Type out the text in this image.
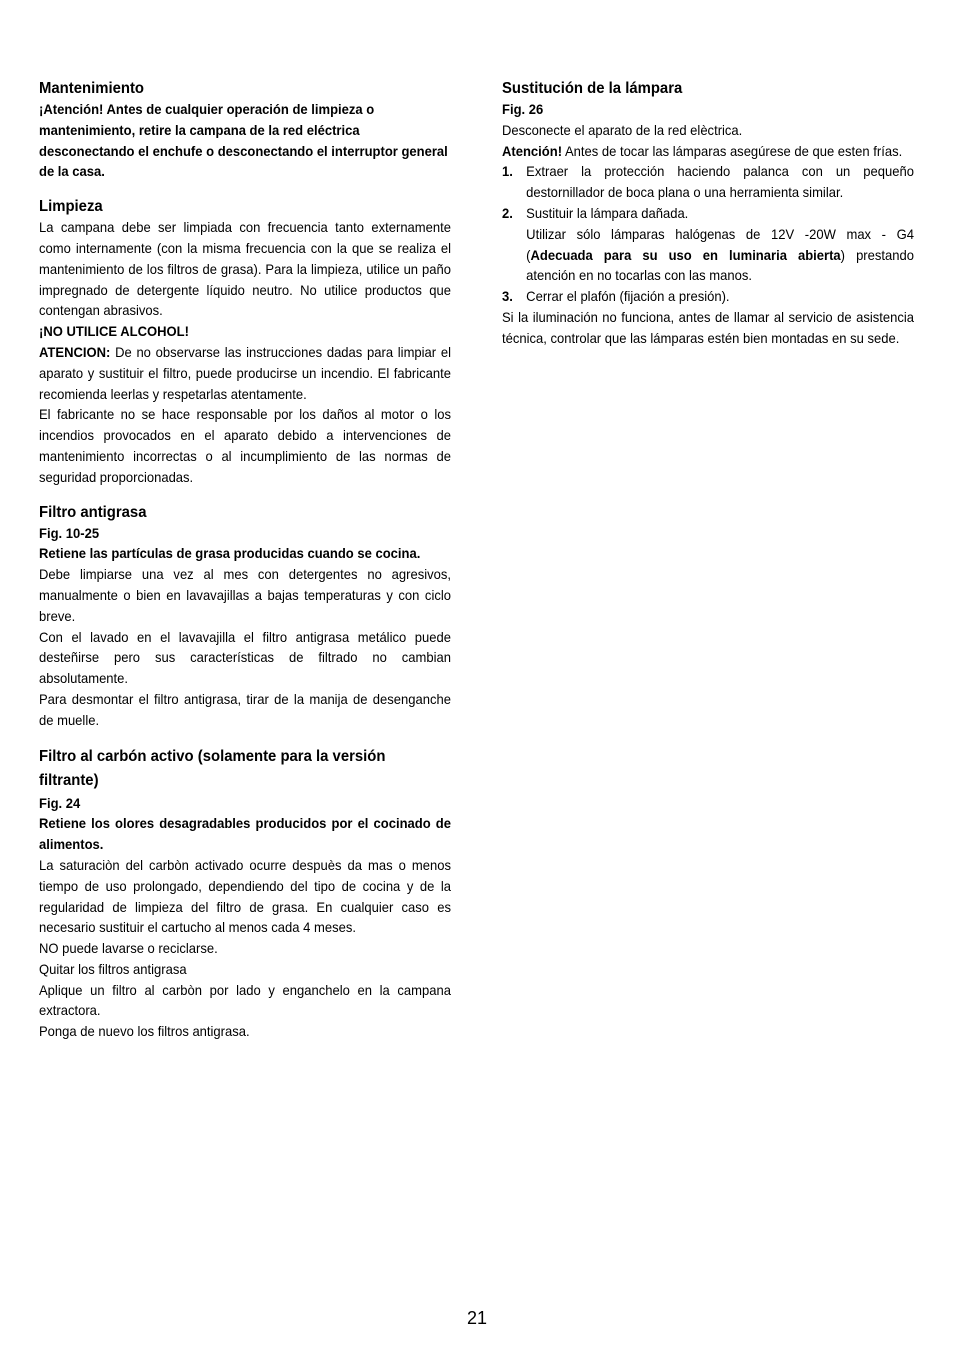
Mantenimiento

¡Atención! Antes de cualquier operación de limpieza o mantenimiento, retire la campana de la red eléctrica desconectando el enchufe o desconectando el interruptor general de la casa.

Limpieza

La campana debe ser limpiada con frecuencia tanto externamente como internamente (con la misma frecuencia con la que se realiza el mantenimiento de los filtros de grasa). Para la limpieza, utilice un paño impregnado de detergente líquido neutro. No utilice productos que contengan abrasivos.

¡NO UTILICE ALCOHOL!

ATENCION: De no observarse las instrucciones dadas para limpiar el aparato y sustituir el filtro, puede producirse un incendio. El fabricante recomienda leerlas y respetarlas atentamente.

El fabricante no se hace responsable por los daños al motor o los incendios provocados en el aparato debido a intervenciones de mantenimiento incorrectas o al incumplimiento de las normas de seguridad proporcionadas.

Filtro antigrasa

Fig. 10-25

Retiene las partículas de grasa producidas cuando se cocina.

Debe limpiarse una vez al mes con detergentes no agresivos, manualmente o bien en lavavajillas a bajas temperaturas y con ciclo breve.

Con el lavado en el lavavajilla el filtro antigrasa metálico puede desteñirse pero sus características de filtrado no cambian absolutamente.

Para desmontar el filtro antigrasa, tirar de la manija de desenganche de muelle.

Filtro al carbón activo (solamente para la versión filtrante)

Fig. 24

Retiene los olores desagradables producidos por el cocinado de alimentos.

La saturaciòn del carbòn activado ocurre despuès da mas o menos tiempo de uso prolongado, dependiendo del tipo de cocina y de la regularidad de limpieza del filtro de grasa. En cualquier caso es necesario sustituir el cartucho al menos cada 4 meses.

NO puede lavarse o reciclarse.

Quitar los filtros antigrasa

Aplique un filtro al carbòn por lado y enganchelo en la campana extractora.

Ponga de nuevo los filtros antigrasa.

Sustitución de la lámpara

Fig. 26

Desconecte el aparato de la red elèctrica.

Atención! Antes de tocar las lámparas asegúrese de que esten frías.

1. Extraer la protección haciendo palanca con un pequeño destornillador de boca plana o una herramienta similar.
2. Sustituir la lámpara dañada.
Utilizar sólo lámparas halógenas de 12V -20W max - G4 (Adecuada para su uso en luminaria abierta) prestando atención en no tocarlas con las manos.
3. Cerrar el plafón (fijación a presión).

Si la iluminación no funciona, antes de llamar al servicio de asistencia técnica, controlar que las lámparas estén bien montadas en su sede.

21
